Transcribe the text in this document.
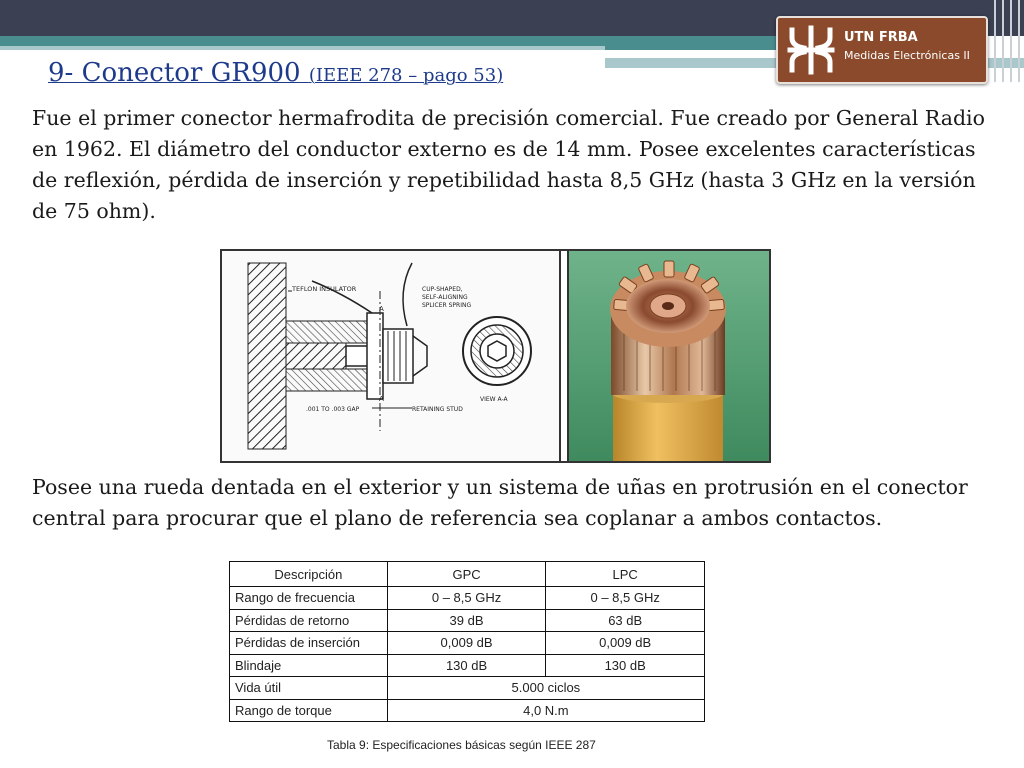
UTN FRBA
Medidas Electrónicas II
9- Conector GR900 (IEEE 278 – pago 53)

Fue el primer conector hermafrodita de precisión comercial. Fue creado por General Radio en 1962. El diámetro del conductor externo es de 14 mm. Posee excelentes características de reflexión, pérdida de inserción y repetibilidad hasta 8,5 GHz (hasta 3 GHz en la versión de 75 ohm).

TEFLON INSULATOR	CUP-SHAPED, SELF-ALIGNING SPLICER SPRING
.001 TO .003 GAP	RETAINING STUD
A
A	VIEW A-A

Posee una rueda dentada en el exterior y un sistema de uñas en protrusión en el conector central para procurar que el plano de referencia sea coplanar a ambos contactos.

Descripción	GPC	LPC
Rango de frecuencia	0 – 8,5 GHz	0 – 8,5 GHz
Pérdidas de retorno	39 dB	63 dB
Pérdidas de inserción	0,009 dB	0,009 dB
Blindaje	130 dB	130 dB
Vida útil	5.000 ciclos	
Rango de torque	4,0 N.m	
Tabla 9: Especificaciones básicas según IEEE 287
